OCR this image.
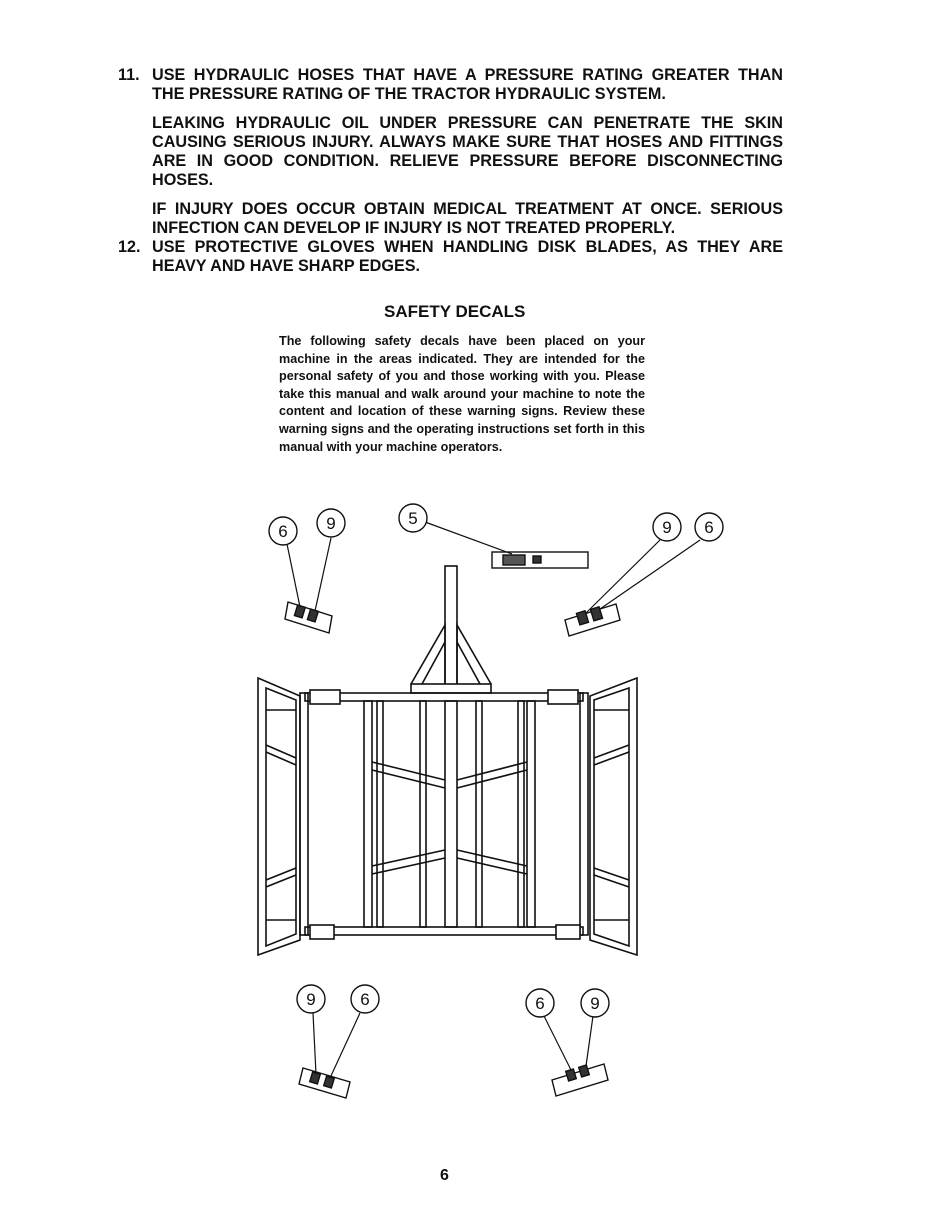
11. USE HYDRAULIC HOSES THAT HAVE A PRESSURE RATING GREATER THAN THE PRESSURE RATING OF THE TRACTOR HYDRAULIC SYSTEM.

LEAKING HYDRAULIC OIL UNDER PRESSURE CAN PENETRATE THE SKIN CAUSING SERIOUS INJURY. ALWAYS MAKE SURE THAT HOSES AND FITTINGS ARE IN GOOD CONDITION. RELIEVE PRESSURE BEFORE DISCONNECTING HOSES.

IF INJURY DOES OCCUR OBTAIN MEDICAL TREATMENT AT ONCE. SERIOUS INFECTION CAN DEVELOP IF INJURY IS NOT TREATED PROPERLY.

12. USE PROTECTIVE GLOVES WHEN HANDLING DISK BLADES, AS THEY ARE HEAVY AND HAVE SHARP EDGES.

SAFETY DECALS
The following safety decals have been placed on your machine in the areas indicated. They are intended for the personal safety of you and those working with you. Please take this manual and walk around your machine to note the content and location of these warning signs. Review these warning signs and the operating instructions set forth in this manual with your machine operators.
6 9	5	9 6
9	6	6	9
6
